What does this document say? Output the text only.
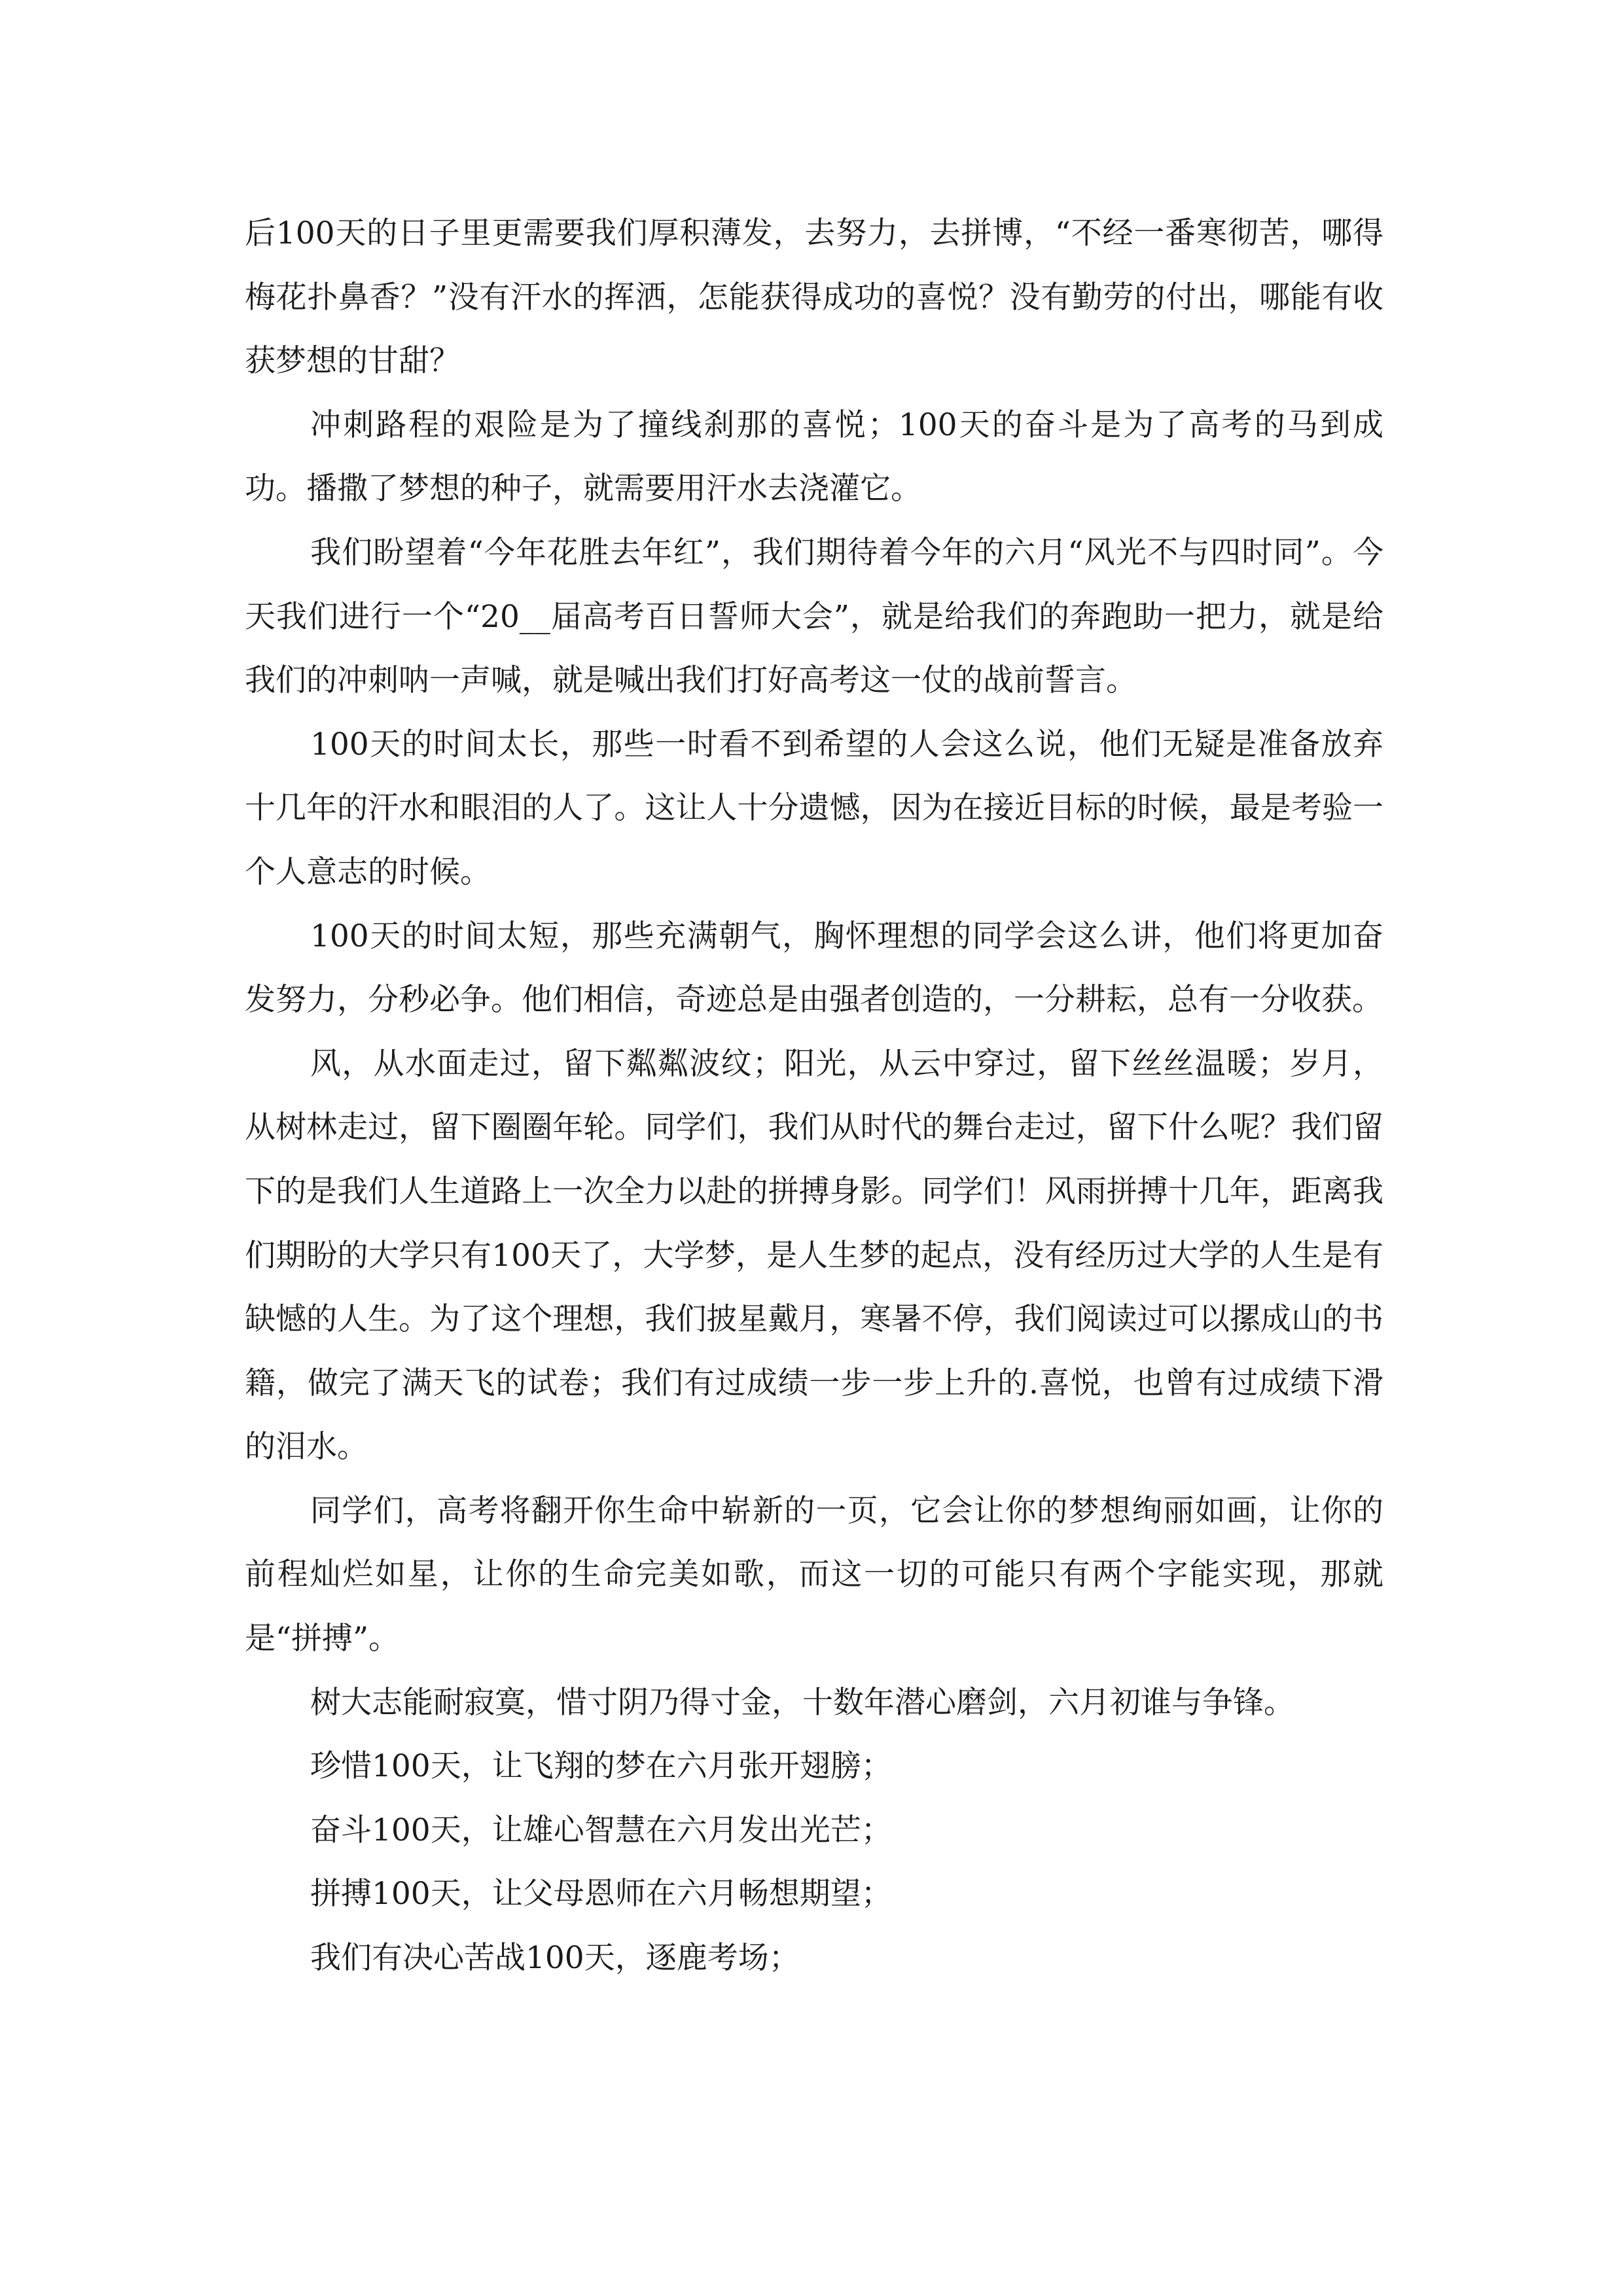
后100天的日子里更需要我们厚积薄发，去努力，去拼博，“不经一番寒彻苦，哪得梅花扑鼻香？”没有汗水的挥洒，怎能获得成功的喜悦？没有勤劳的付出，哪能有收获梦想的甘甜？

冲刺路程的艰险是为了撞线刹那的喜悦；100天的奋斗是为了高考的马到成功。播撒了梦想的种子，就需要用汗水去浇灌它。

我们盼望着“今年花胜去年红”，我们期待着今年的六月“风光不与四时同”。今天我们进行一个“20__届高考百日誓师大会”，就是给我们的奔跑助一把力，就是给我们的冲刺呐一声喊，就是喊出我们打好高考这一仗的战前誓言。

100天的时间太长，那些一时看不到希望的人会这么说，他们无疑是准备放弃十几年的汗水和眼泪的人了。这让人十分遗憾，因为在接近目标的时候，最是考验一个人意志的时候。

100天的时间太短，那些充满朝气，胸怀理想的同学会这么讲，他们将更加奋发努力，分秒必争。他们相信，奇迹总是由强者创造的，一分耕耘，总有一分收获。

风，从水面走过，留下粼粼波纹；阳光，从云中穿过，留下丝丝温暖；岁月，从树林走过，留下圈圈年轮。同学们，我们从时代的舞台走过，留下什么呢？我们留下的是我们人生道路上一次全力以赴的拼搏身影。同学们！风雨拼搏十几年，距离我们期盼的大学只有100天了，大学梦，是人生梦的起点，没有经历过大学的人生是有缺憾的人生。为了这个理想，我们披星戴月，寒暑不停，我们阅读过可以摞成山的书籍，做完了满天飞的试卷；我们有过成绩一步一步上升的.喜悦，也曾有过成绩下滑的泪水。

同学们，高考将翻开你生命中崭新的一页，它会让你的梦想绚丽如画，让你的前程灿烂如星，让你的生命完美如歌，而这一切的可能只有两个字能实现，那就是“拼搏”。

树大志能耐寂寞，惜寸阴乃得寸金，十数年潜心磨剑，六月初谁与争锋。

珍惜100天，让飞翔的梦在六月张开翅膀；

奋斗100天，让雄心智慧在六月发出光芒；

拼搏100天，让父母恩师在六月畅想期望；

我们有决心苦战100天，逐鹿考场；
